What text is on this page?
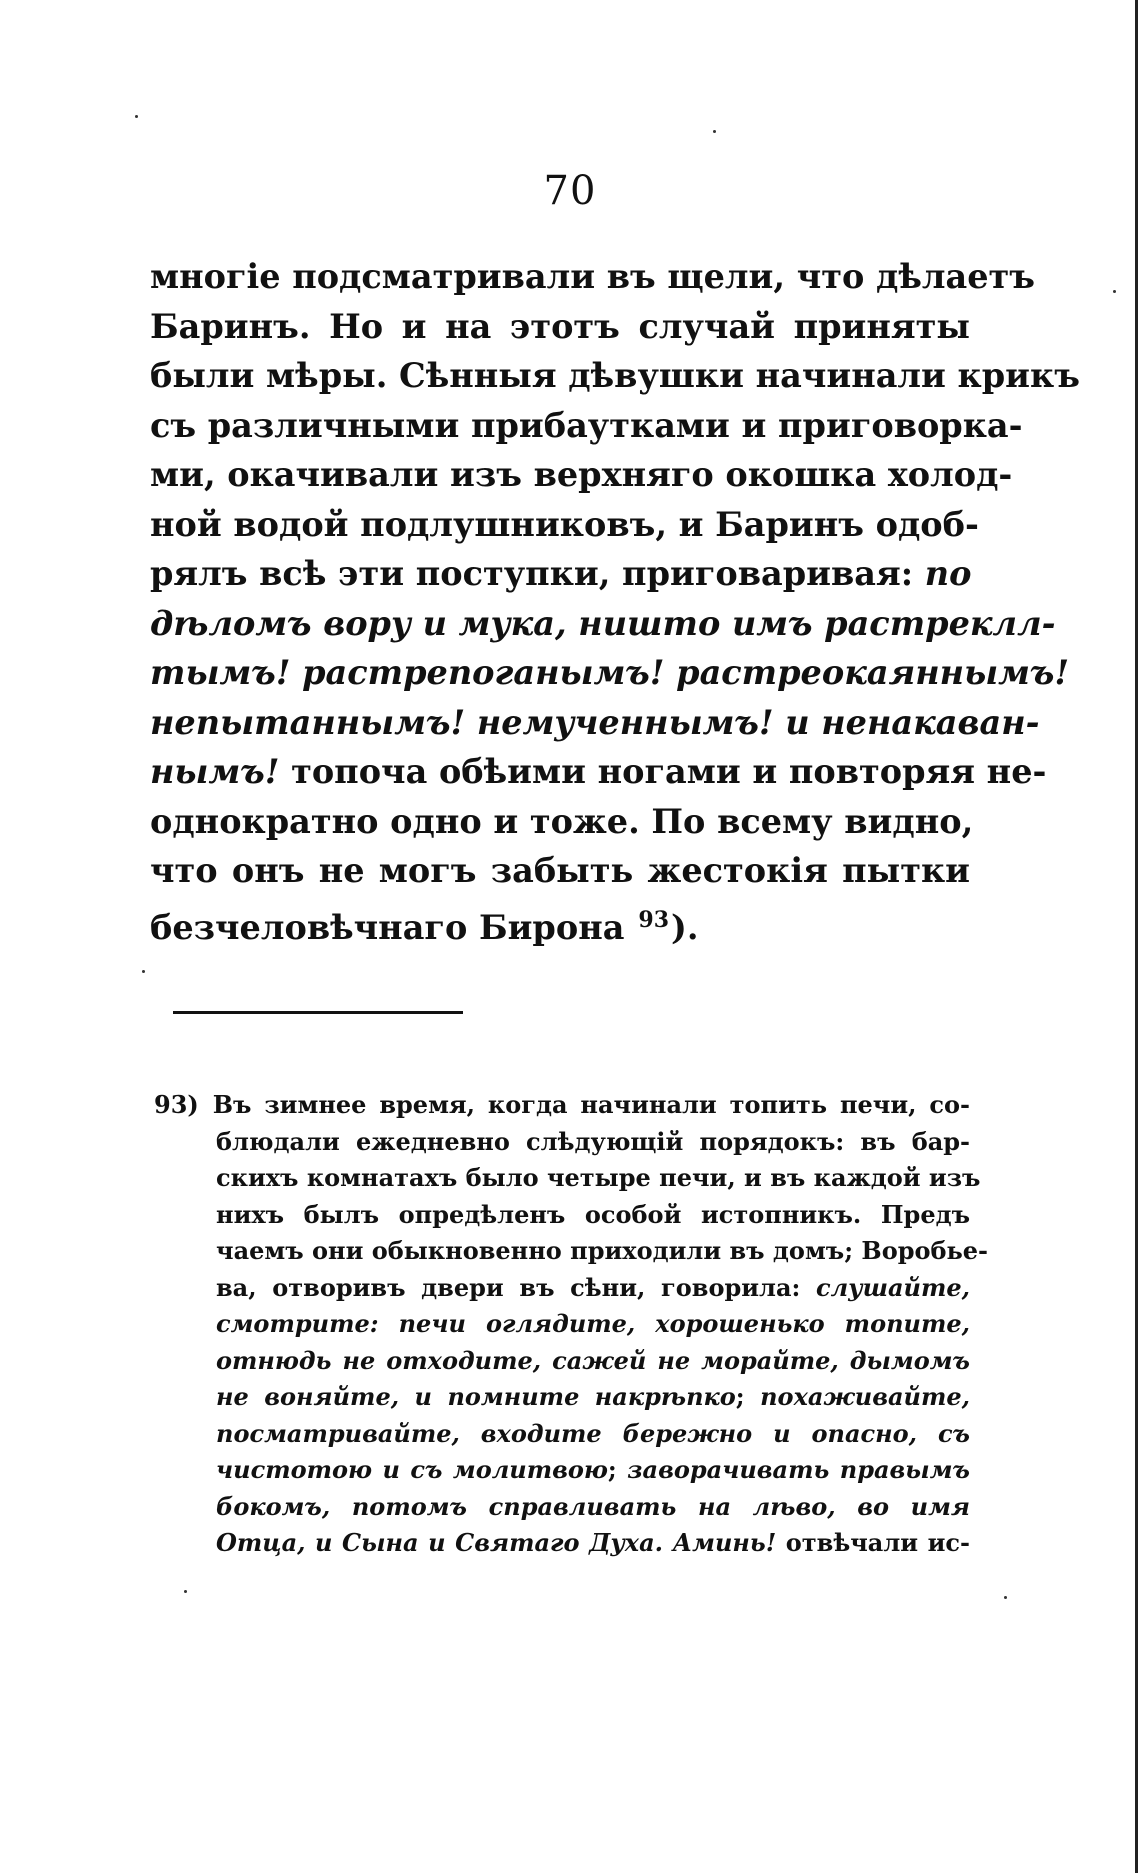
70
многіе подсматривали въ щели, что дѣлаетъ
Баринъ. Но и на этотъ случай приняты
были мѣры. Сѣнныя дѣвушки начинали крикъ
съ различными прибаутками и приговорка-
ми, окачивали изъ верхняго окошка холод-
ной водой подлушниковъ, и Баринъ одоб-
рялъ всѣ эти поступки, приговаривая: по
дѣломъ вору и мука, ништо имъ растреклл-
тымъ! растрепоганымъ! растреокаяннымъ!
непытаннымъ! немученнымъ! и ненакаван-
нымъ! топоча обѣими ногами и повторяя не-
однократно одно и тоже. По всему видно,
что онъ не могъ забыть жестокія пытки
безчеловѣчнаго Бирона $^{93}$).
93) Въ зимнее время, когда начинали топить печи, со-
блюдали ежедневно слѣдующій порядокъ: въ бар-
скихъ комнатахъ было четыре печи, и въ каждой изъ
нихъ былъ опредѣленъ особой истопникъ. Предъ
чаемъ они обыкновенно приходили въ домъ; Воробье-
ва, отворивъ двери въ сѣни, говорила: слушайте,
смотрите: печи оглядите, хорошенько топите,
отнюдь не отходите, сажей не морайте, дымомъ
не воняйте, и помните накрѣпко; похаживайте,
посматривайте, входите бережно и опасно, съ
чистотою и съ молитвою; заворачивать правымъ
бокомъ, потомъ справливать на лѣво, во имя
Отца, и Сына и Святаго Духа. Аминь! отвѣчали ис-
